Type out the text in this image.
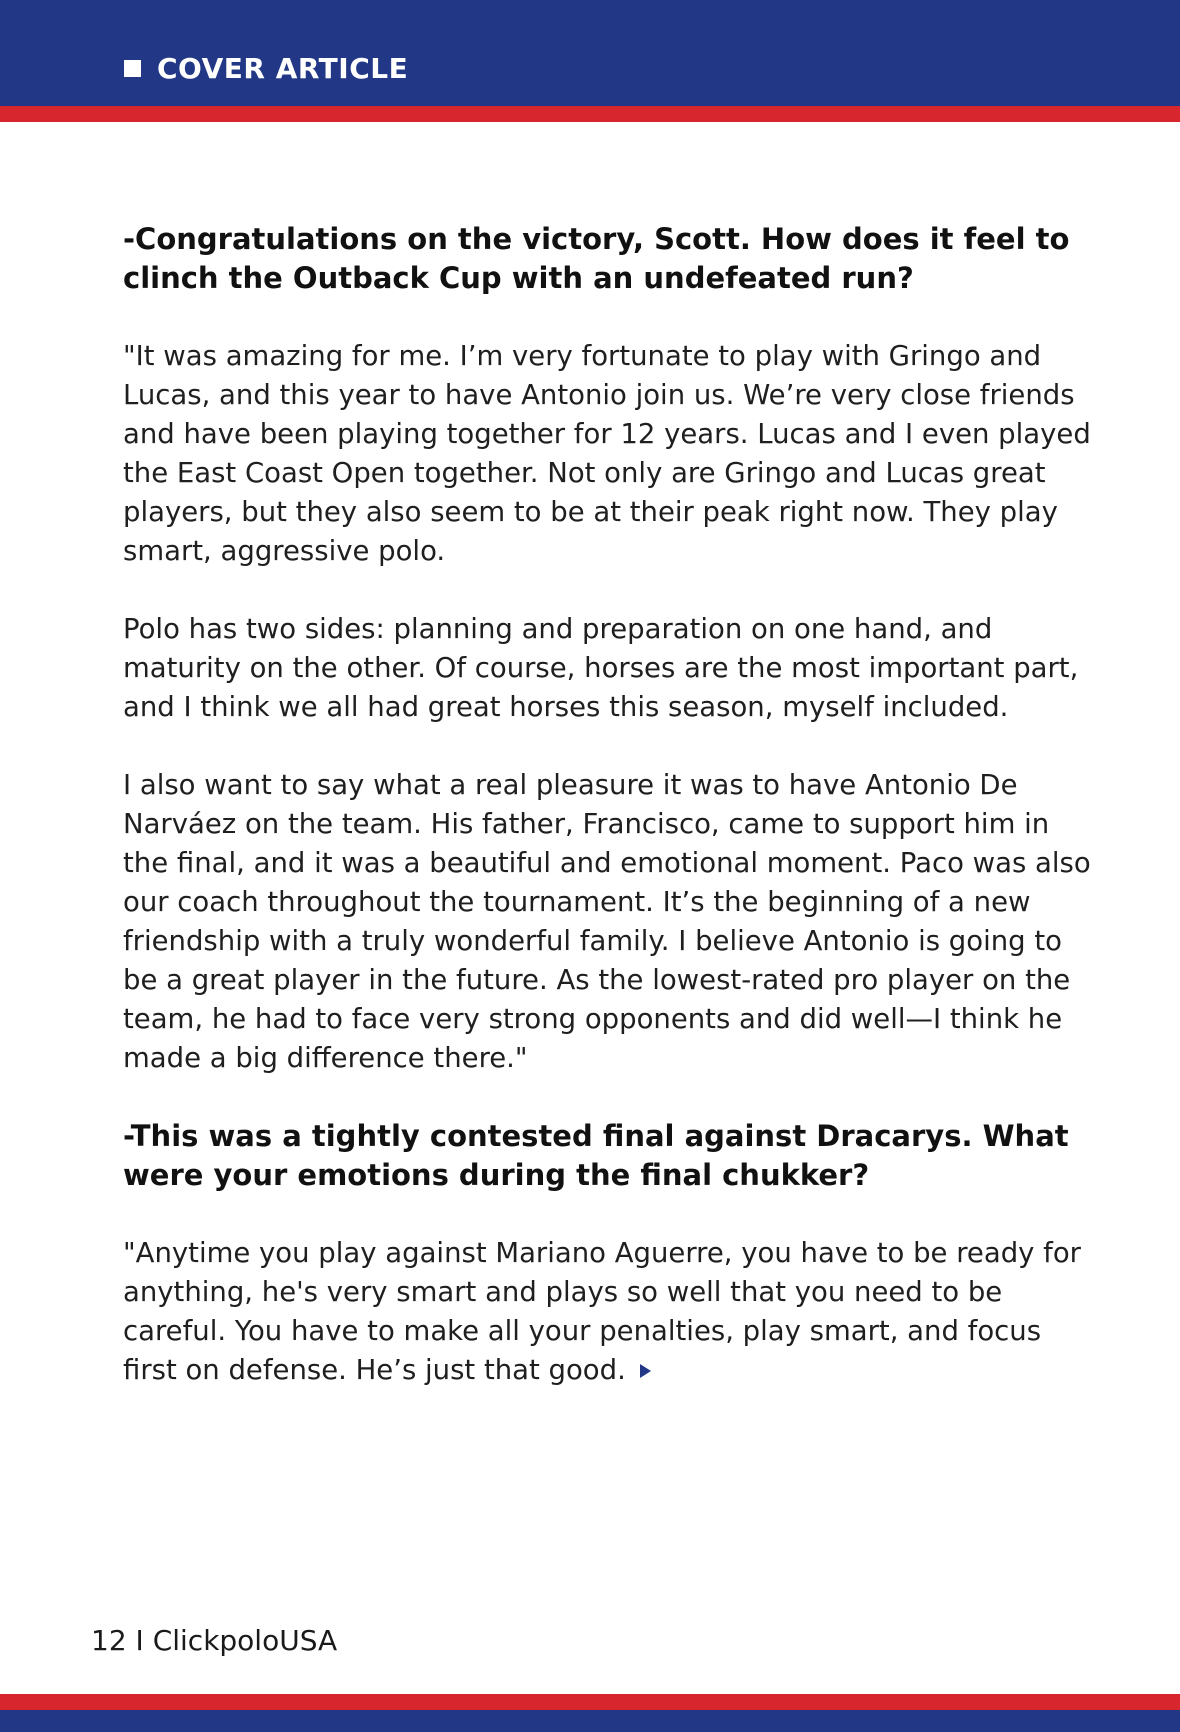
COVER ARTICLE

-Congratulations on the victory, Scott. How does it feel to clinch the Outback Cup with an undefeated run?

"It was amazing for me. I’m very fortunate to play with Gringo and Lucas, and this year to have Antonio join us. We’re very close friends and have been playing together for 12 years. Lucas and I even played the East Coast Open together. Not only are Gringo and Lucas great players, but they also seem to be at their peak right now. They play smart, aggressive polo.

Polo has two sides: planning and preparation on one hand, and maturity on the other. Of course, horses are the most important part, and I think we all had great horses this season, myself included.

I also want to say what a real pleasure it was to have Antonio De Narváez on the team. His father, Francisco, came to support him in the final, and it was a beautiful and emotional moment. Paco was also our coach throughout the tournament. It’s the beginning of a new friendship with a truly wonderful family. I believe Antonio is going to be a great player in the future. As the lowest-rated pro player on the team, he had to face very strong opponents and did well—I think he made a big difference there."

-This was a tightly contested final against Dracarys. What were your emotions during the final chukker?

"Anytime you play against Mariano Aguerre, you have to be ready for anything, he's very smart and plays so well that you need to be careful. You have to make all your penalties, play smart, and focus first on defense. He’s just that good.

12 I ClickpoloUSA
